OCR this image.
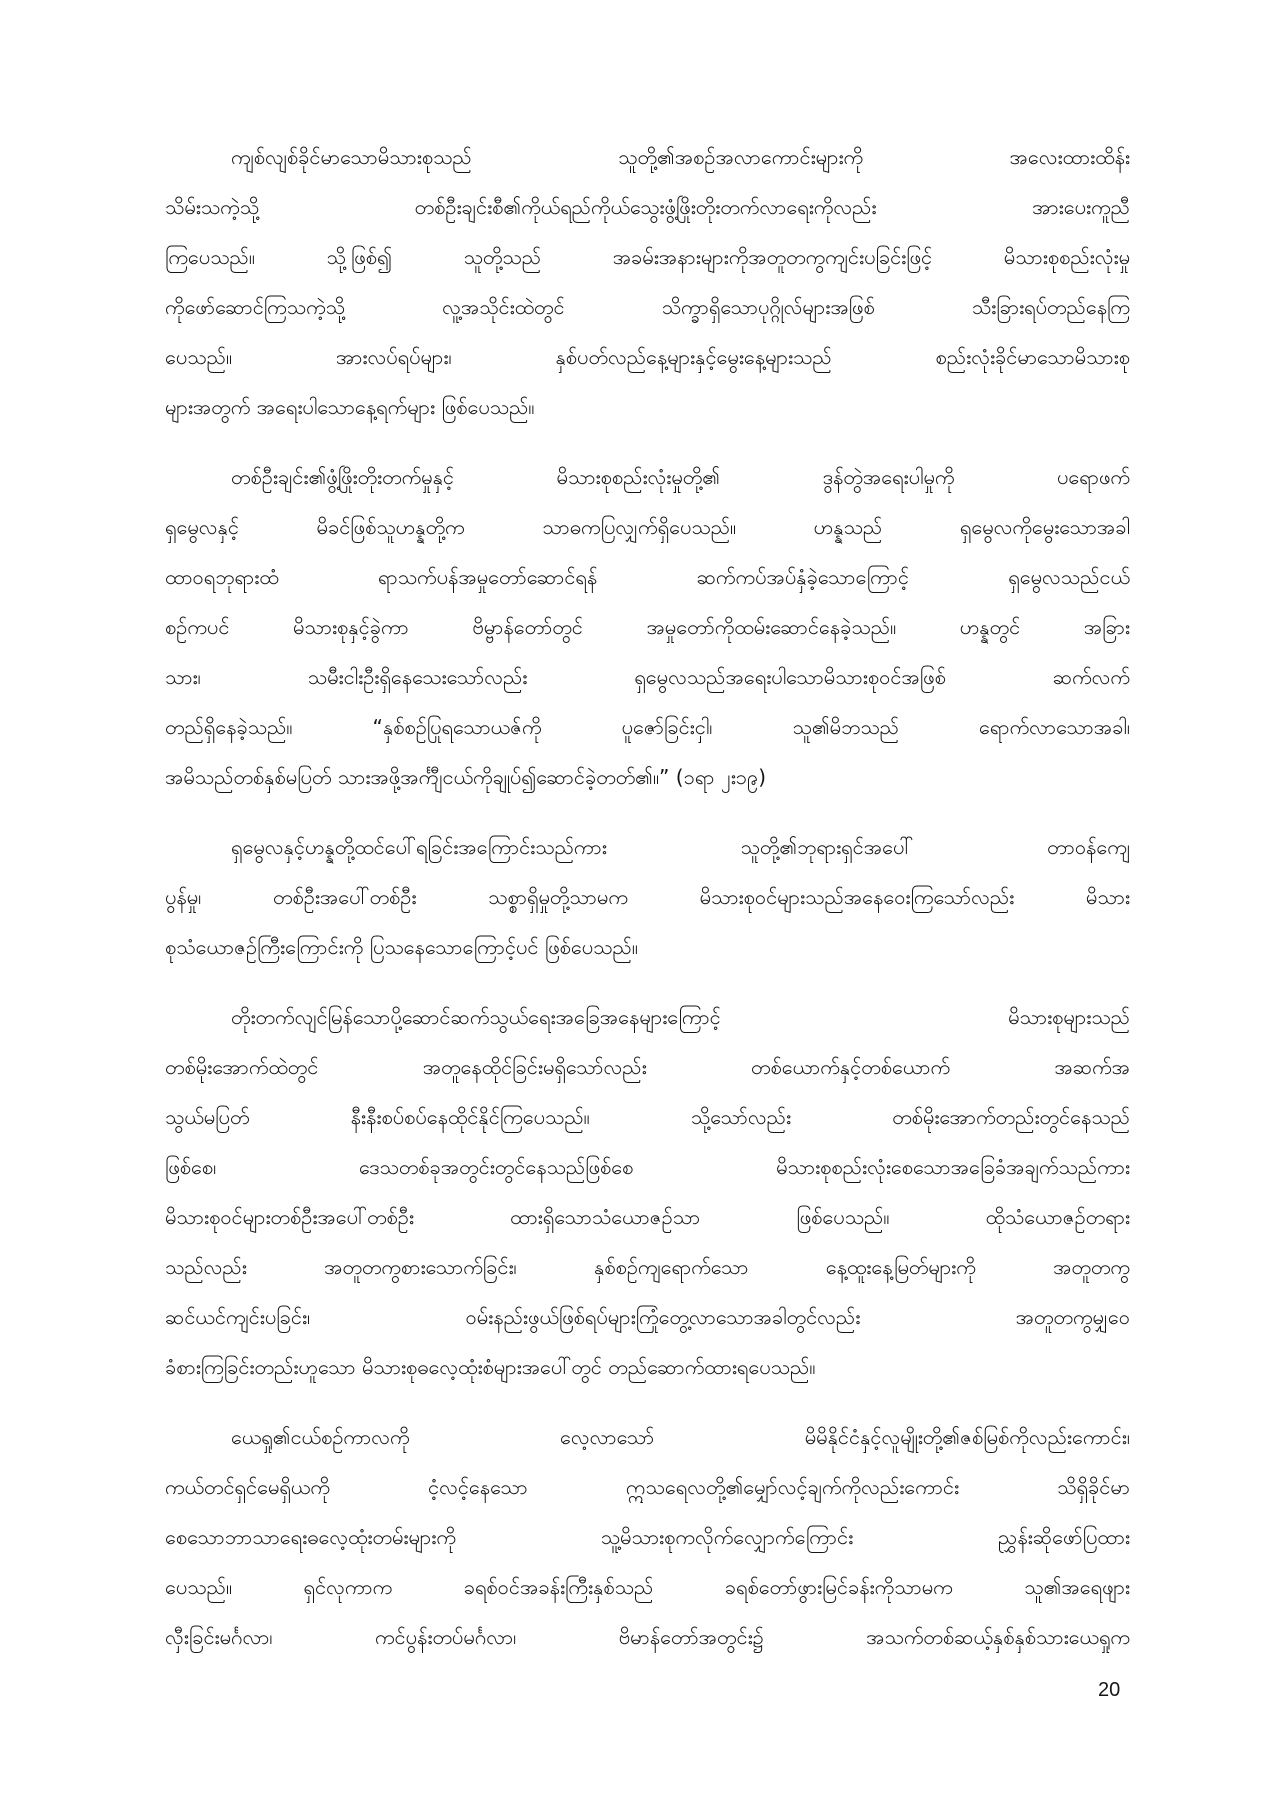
ကျစ်လျစ်ခိုင်မာသောမိသားစုသည် သူတို့၏အစဉ်အလာကောင်းများကို အလေးထားထိန်း
သိမ်းသကဲ့သို့ တစ်ဦးချင်းစီ၏ကိုယ်ရည်ကိုယ်သွေးဖွံ့ဖြိုးတိုးတက်လာရေးကိုလည်း အားပေးကူညီ
ကြပေသည်။ သို့ဖြစ်၍ သူတို့သည် အခမ်းအနားများကိုအတူတကွကျင်းပခြင်းဖြင့် မိသားစုစည်းလုံးမှု
ကိုဖော်ဆောင်ကြသကဲ့သို့ လူ့အသိုင်းထဲတွင် သိက္ခာရှိသောပုဂ္ဂိုလ်များအဖြစ် သီးခြားရပ်တည်နေကြ
ပေသည်။ အားလပ်ရပ်များ၊ နှစ်ပတ်လည်နေ့များနှင့်မွေးနေ့များသည် စည်းလုံးခိုင်မာသောမိသားစု
များအတွက် အရေးပါသောနေ့ရက်များ ဖြစ်ပေသည်။
တစ်ဦးချင်း၏ဖွံ့ဖြိုးတိုးတက်မှုနှင့် မိသားစုစည်းလုံးမှုတို့၏ ဒွန်တွဲအရေးပါမှုကို ပရောဖက်
ရှမွေလနှင့် မိခင်ဖြစ်သူဟန္နတို့က သာဓကပြလျှက်ရှိပေသည်။ ဟန္နသည် ရှမွေလကိုမွေးသောအခါ
ထာဝရဘုရားထံ ရာသက်ပန်အမှုတော်ဆောင်ရန် ဆက်ကပ်အပ်နှံခဲ့သောကြောင့် ရှမွေလသည်ငယ်
စဉ်ကပင် မိသားစုနှင့်ခွဲကာ ဗိမ္ဗာန်တော်တွင် အမှုတော်ကိုထမ်းဆောင်နေခဲ့သည်။ ဟန္နတွင် အခြား
သား၊ သမီးငါးဦးရှိနေသေးသော်လည်း ရှမွေလသည်အရေးပါသောမိသားစုဝင်အဖြစ် ဆက်လက်
တည်ရှိနေခဲ့သည်။ “နှစ်စဉ်ပြုရသောယဇ်ကို ပူဇော်ခြင်းငှါ၊ သူ၏မိဘသည် ရောက်လာသောအခါ၊
အမိသည်တစ်နှစ်မပြတ် သားအဖို့အင်္ကျီငယ်ကိုချုပ်၍ဆောင်ခဲ့တတ်၏။” (၁ရာ ၂း၁၉)
ရှမွေလနှင့်ဟန္နတို့ထင်ပေါ်ရခြင်းအကြောင်းသည်ကား သူတို့၏ဘုရားရှင်အပေါ် တာဝန်ကျေ
ပွန်မှု၊ တစ်ဦးအပေါ်တစ်ဦး သစ္စာရှိမှုတို့သာမက မိသားစုဝင်များသည်အနေဝေးကြသော်လည်း မိသား
စုသံယောဇဉ်ကြီးကြောင်းကို ပြသနေသောကြောင့်ပင် ဖြစ်ပေသည်။
တိုးတက်လျင်မြန်သောပို့ဆောင်ဆက်သွယ်ရေးအခြေအနေများကြောင့် မိသားစုများသည်
တစ်မိုးအောက်ထဲတွင် အတူနေထိုင်ခြင်းမရှိသော်လည်း တစ်ယောက်နှင့်တစ်ယောက် အဆက်အ
သွယ်မပြတ် နီးနီးစပ်စပ်နေထိုင်နိုင်ကြပေသည်။ သို့သော်လည်း တစ်မိုးအောက်တည်းတွင်နေသည်
ဖြစ်စေ၊ ဒေသတစ်ခုအတွင်းတွင်နေသည်ဖြစ်စေ မိသားစုစည်းလုံးစေသောအခြေခံအချက်သည်ကား
မိသားစုဝင်များတစ်ဦးအပေါ်တစ်ဦး ထားရှိသောသံယောဇဉ်သာ ဖြစ်ပေသည်။ ထိုသံယောဇဉ်တရား
သည်လည်း အတူတကွစားသောက်ခြင်း၊ နှစ်စဉ်ကျရောက်သော နေ့ထူးနေ့မြတ်များကို အတူတကွ
ဆင်ယင်ကျင်းပခြင်း၊ ဝမ်းနည်းဖွယ်ဖြစ်ရပ်များကြုံတွေ့လာသောအခါတွင်လည်း အတူတကွမျှဝေ
ခံစားကြခြင်းတည်းဟူသော မိသားစုဓလေ့ထုံးစံများအပေါ်တွင် တည်ဆောက်ထားရပေသည်။
ယေရှု၏ငယ်စဉ်ကာလကို လေ့လာသော် မိမိနိုင်ငံနှင့်လူမျိုးတို့၏ဇစ်မြစ်ကိုလည်းကောင်း၊
ကယ်တင်ရှင်မေရှိယကို ငံ့လင့်နေသော ဣသရေလတို့၏မျှော်လင့်ချက်ကိုလည်းကောင်း သိရှိခိုင်မာ
စေသောဘာသာရေးဓလေ့ထုံးတမ်းများကို သူ့မိသားစုကလိုက်လျှောက်ကြောင်း ညွှန်းဆိုဖော်ပြထား
ပေသည်။ ရှင်လုကာက ခရစ်ဝင်အခန်းကြီးနှစ်သည် ခရစ်တော်ဖွားမြင်ခန်းကိုသာမက သူ၏အရေဖျား
လှီးခြင်းမင်္ဂလာ၊ ကင်ပွန်းတပ်မင်္ဂလာ၊ ဗိမာန်တော်အတွင်း၌ အသက်တစ်ဆယ့်နှစ်နှစ်သားယေရှုက
20
